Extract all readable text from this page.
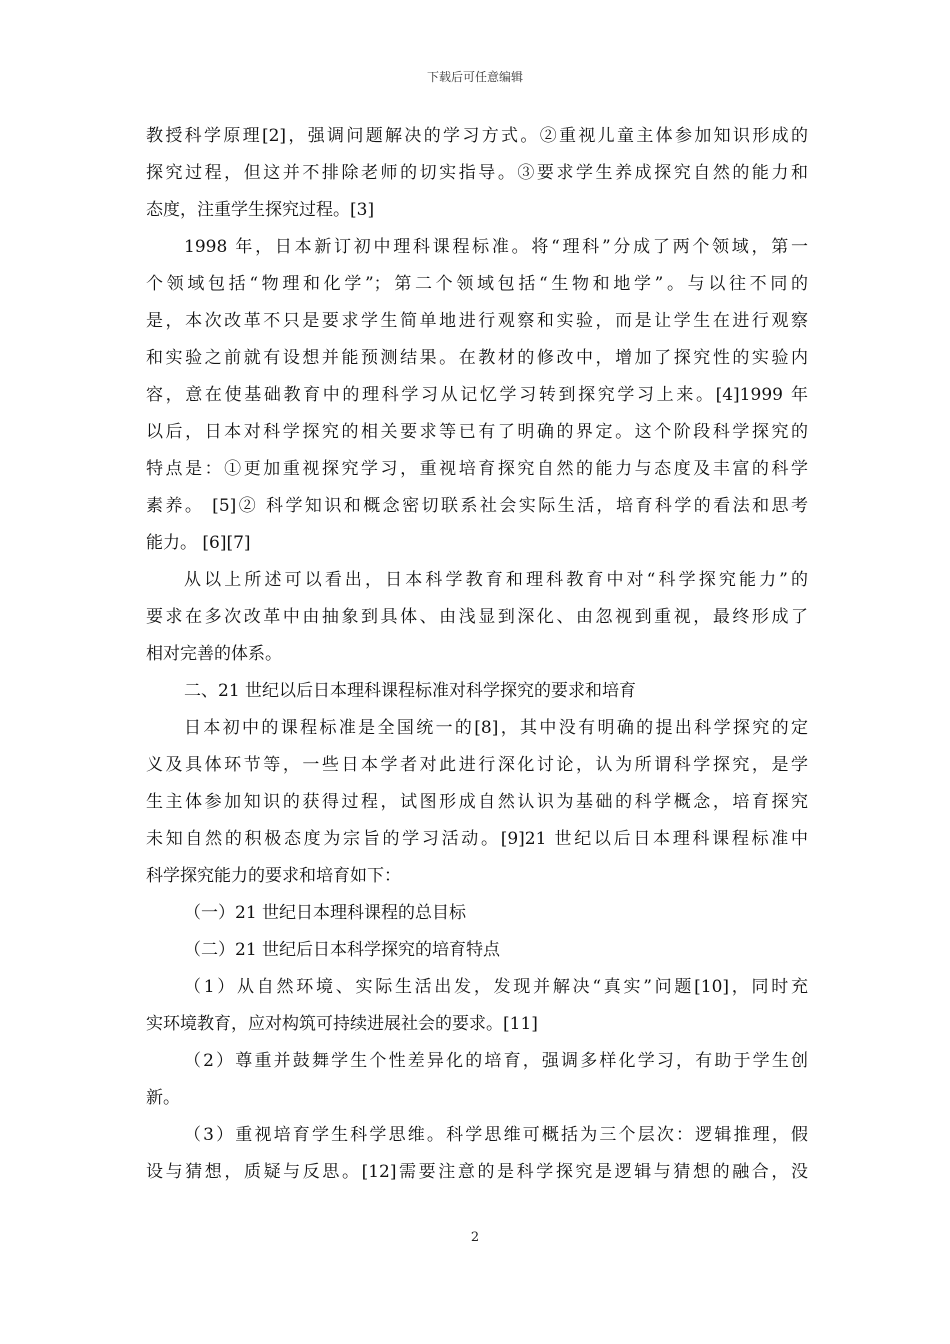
下载后可任意编辑
教授科学原理[2]，强调问题解决的学习方式。②重视儿童主体参加知识形成的
探究过程，但这并不排除老师的切实指导。③要求学生养成探究自然的能力和
态度，注重学生探究过程。[3]
1998 年，日本新订初中理科课程标准。将“理科”分成了两个领域，第一
个领域包括“物理和化学”；第二个领域包括“生物和地学”。与以往不同的
是，本次改革不只是要求学生简单地进行观察和实验，而是让学生在进行观察
和实验之前就有设想并能预测结果。在教材的修改中，增加了探究性的实验内
容，意在使基础教育中的理科学习从记忆学习转到探究学习上来。[4]1999 年
以后，日本对科学探究的相关要求等已有了明确的界定。这个阶段科学探究的
特点是：①更加重视探究学习，重视培育探究自然的能力与态度及丰富的科学
素养。 [5]② 科学知识和概念密切联系社会实际生活，培育科学的看法和思考
能力。 [6][7]
从以上所述可以看出，日本科学教育和理科教育中对“科学探究能力”的
要求在多次改革中由抽象到具体、由浅显到深化、由忽视到重视，最终形成了
相对完善的体系。
二、21 世纪以后日本理科课程标准对科学探究的要求和培育
日本初中的课程标准是全国统一的[8]，其中没有明确的提出科学探究的定
义及具体环节等，一些日本学者对此进行深化讨论，认为所谓科学探究，是学
生主体参加知识的获得过程，试图形成自然认识为基础的科学概念，培育探究
未知自然的积极态度为宗旨的学习活动。[9]21 世纪以后日本理科课程标准中
科学探究能力的要求和培育如下：
（一）21 世纪日本理科课程的总目标
（二）21 世纪后日本科学探究的培育特点
（1）从自然环境、实际生活出发，发现并解决“真实”问题[10]，同时充
实环境教育，应对构筑可持续进展社会的要求。[11]
（2）尊重并鼓舞学生个性差异化的培育，强调多样化学习，有助于学生创
新。
（3）重视培育学生科学思维。科学思维可概括为三个层次：逻辑推理，假
设与猜想，质疑与反思。[12]需要注意的是科学探究是逻辑与猜想的融合，没
2
